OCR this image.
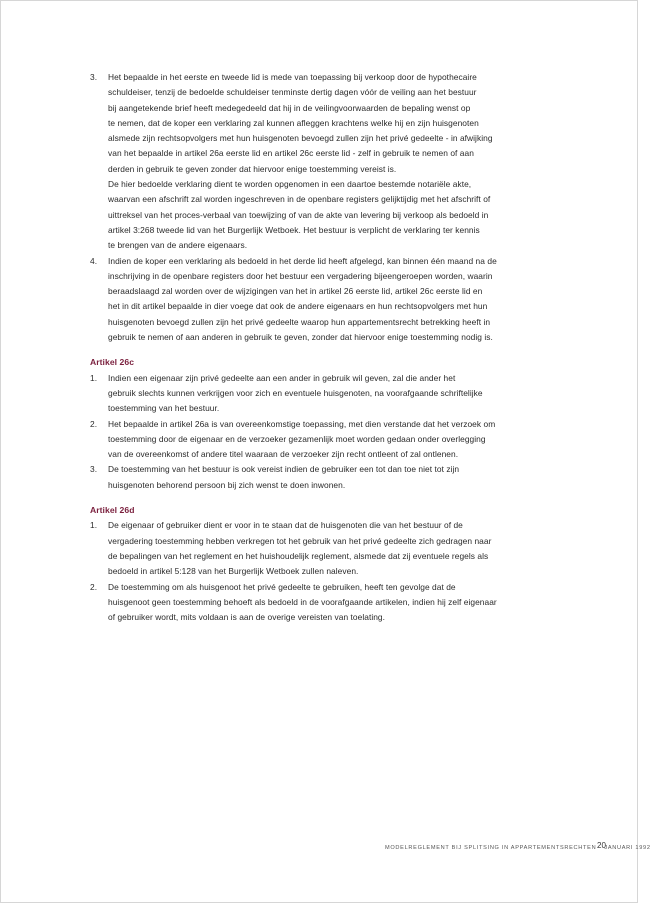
3. Het bepaalde in het eerste en tweede lid is mede van toepassing bij verkoop door de hypothecaire
schuldeiser, tenzij de bedoelde schuldeiser tenminste dertig dagen vóór de veiling aan het bestuur
bij aangetekende brief heeft medegedeeld dat hij in de veilingvoorwaarden de bepaling wenst op
te nemen, dat de koper een verklaring zal kunnen afleggen krachtens welke hij en zijn huisgenoten
alsmede zijn rechtsopvolgers met hun huisgenoten bevoegd zullen zijn het privé gedeelte - in afwijking
van het bepaalde in artikel 26a eerste lid en artikel 26c eerste lid - zelf in gebruik te nemen of aan
derden in gebruik te geven zonder dat hiervoor enige toestemming vereist is.
De hier bedoelde verklaring dient te worden opgenomen in een daartoe bestemde notariële akte,
waarvan een afschrift zal worden ingeschreven in de openbare registers gelijktijdig met het afschrift of
uittreksel van het proces-verbaal van toewijzing of van de akte van levering bij verkoop als bedoeld in
artikel 3:268 tweede lid van het Burgerlijk Wetboek. Het bestuur is verplicht de verklaring ter kennis
te brengen van de andere eigenaars.
4. Indien de koper een verklaring als bedoeld in het derde lid heeft afgelegd, kan binnen één maand na de
inschrijving in de openbare registers door het bestuur een vergadering bijeengeroepen worden, waarin
beraadslaagd zal worden over de wijzigingen van het in artikel 26 eerste lid, artikel 26c eerste lid en
het in dit artikel bepaalde in dier voege dat ook de andere eigenaars en hun rechtsopvolgers met hun
huisgenoten bevoegd zullen zijn het privé gedeelte waarop hun appartementsrecht betrekking heeft in
gebruik te nemen of aan anderen in gebruik te geven, zonder dat hiervoor enige toestemming nodig is.
Artikel 26c
1. Indien een eigenaar zijn privé gedeelte aan een ander in gebruik wil geven, zal die ander het
gebruik slechts kunnen verkrijgen voor zich en eventuele huisgenoten, na voorafgaande schriftelijke
toestemming van het bestuur.
2. Het bepaalde in artikel 26a is van overeenkomstige toepassing, met dien verstande dat het verzoek om
toestemming door de eigenaar en de verzoeker gezamenlijk moet worden gedaan onder overlegging
van de overeenkomst of andere titel waaraan de verzoeker zijn recht ontleent of zal ontlenen.
3. De toestemming van het bestuur is ook vereist indien de gebruiker een tot dan toe niet tot zijn
huisgenoten behorend persoon bij zich wenst te doen inwonen.
Artikel 26d
1. De eigenaar of gebruiker dient er voor in te staan dat de huisgenoten die van het bestuur of de
vergadering toestemming hebben verkregen tot het gebruik van het privé gedeelte zich gedragen naar
de bepalingen van het reglement en het huishoudelijk reglement, alsmede dat zij eventuele regels als
bedoeld in artikel 5:128 van het Burgerlijk Wetboek zullen naleven.
2. De toestemming om als huisgenoot het privé gedeelte te gebruiken, heeft ten gevolge dat de
huisgenoot geen toestemming behoeft als bedoeld in de voorafgaande artikelen, indien hij zelf eigenaar
of gebruiker wordt, mits voldaan is aan de overige vereisten van toelating.
MODELREGLEMENT BIJ SPLITSING IN APPARTEMENTSRECHTEN JANUARI 1992
20
